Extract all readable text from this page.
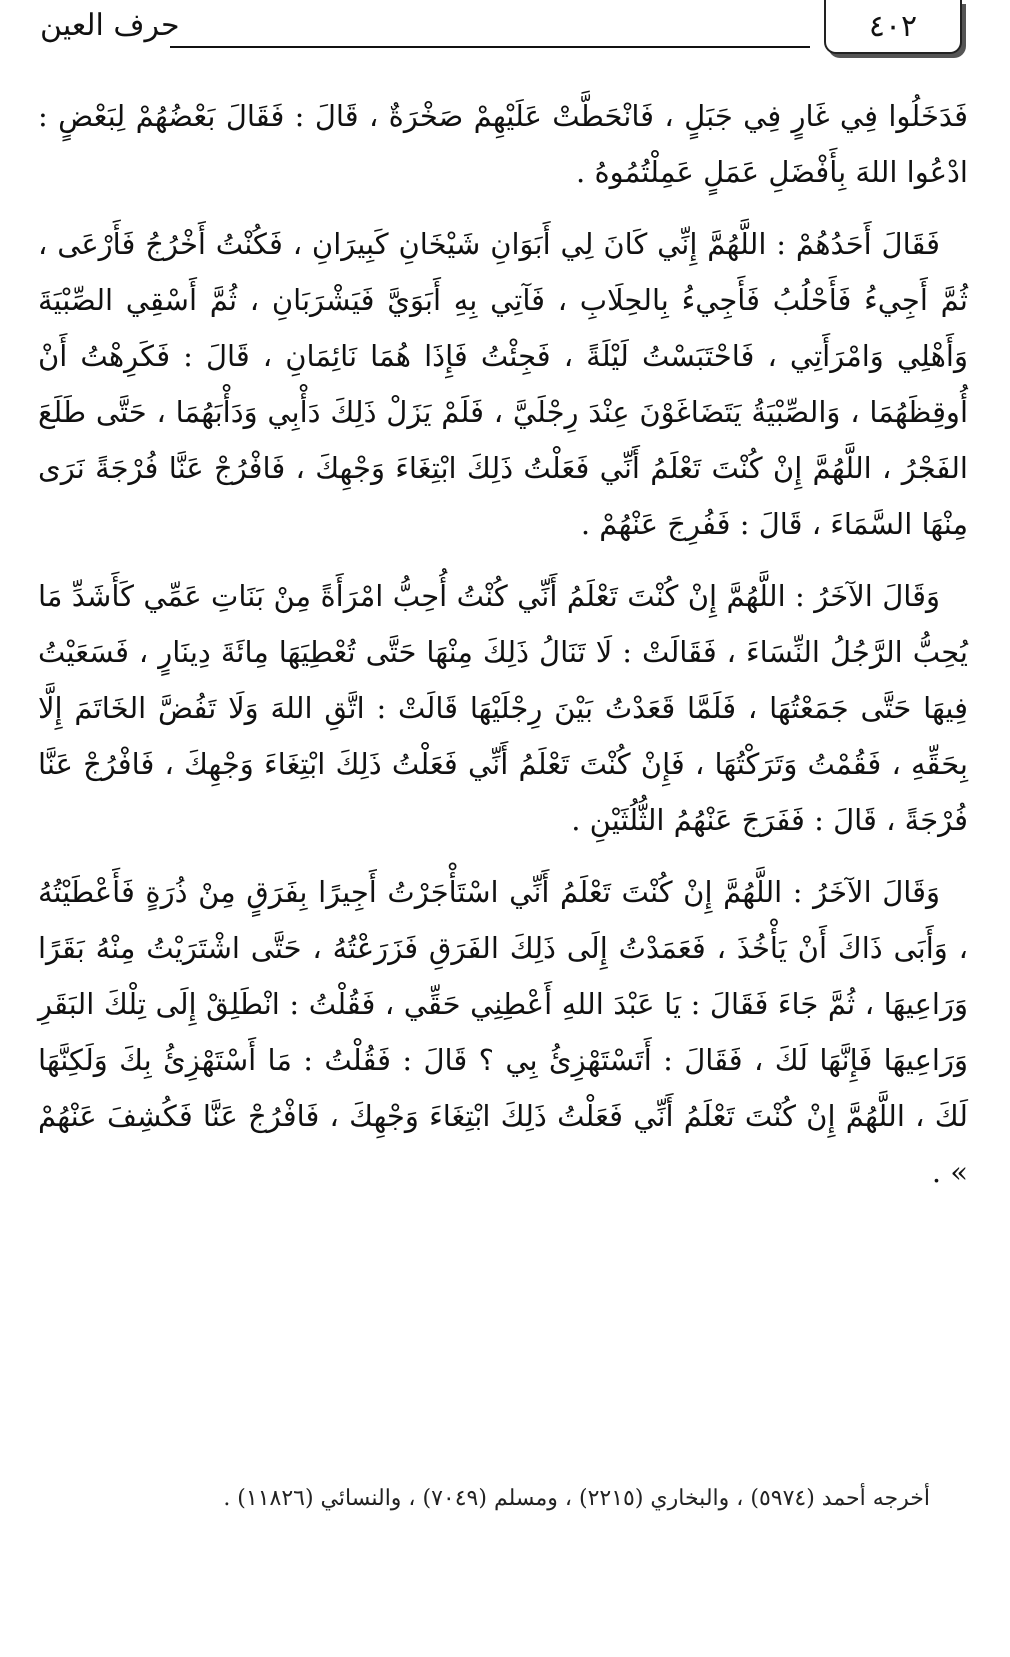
٤٠٢
حرف العين

فَدَخَلُوا فِي غَارٍ فِي جَبَلٍ ، فَانْحَطَّتْ عَلَيْهِمْ صَخْرَةٌ ، قَالَ : فَقَالَ بَعْضُهُمْ لِبَعْضٍ : ادْعُوا اللهَ بِأَفْضَلِ عَمَلٍ عَمِلْتُمُوهُ .

فَقَالَ أَحَدُهُمْ : اللَّهُمَّ إِنِّي كَانَ لِي أَبَوَانِ شَيْخَانِ كَبِيرَانِ ، فَكُنْتُ أَخْرُجُ فَأَرْعَى ، ثُمَّ أَجِيءُ فَأَحْلُبُ فَأَجِيءُ بِالحِلَابِ ، فَآتِي بِهِ أَبَوَيَّ فَيَشْرَبَانِ ، ثُمَّ أَسْقِي الصِّبْيَةَ وَأَهْلِي وَامْرَأَتِي ، فَاحْتَبَسْتُ لَيْلَةً ، فَجِئْتُ فَإِذَا هُمَا نَائِمَانِ ، قَالَ : فَكَرِهْتُ أَنْ أُوقِظَهُمَا ، وَالصِّبْيَةُ يَتَضَاغَوْنَ عِنْدَ رِجْلَيَّ ، فَلَمْ يَزَلْ ذَلِكَ دَأْبِي وَدَأْبَهُمَا ، حَتَّى طَلَعَ الفَجْرُ ، اللَّهُمَّ إِنْ كُنْتَ تَعْلَمُ أَنِّي فَعَلْتُ ذَلِكَ ابْتِغَاءَ وَجْهِكَ ، فَافْرُجْ عَنَّا فُرْجَةً نَرَى مِنْهَا السَّمَاءَ ، قَالَ : فَفُرِجَ عَنْهُمْ .

وَقَالَ الآخَرُ : اللَّهُمَّ إِنْ كُنْتَ تَعْلَمُ أَنِّي كُنْتُ أُحِبُّ امْرَأَةً مِنْ بَنَاتِ عَمِّي كَأَشَدِّ مَا يُحِبُّ الرَّجُلُ النِّسَاءَ ، فَقَالَتْ : لَا تَنَالُ ذَلِكَ مِنْهَا حَتَّى تُعْطِيَهَا مِائَةَ دِينَارٍ ، فَسَعَيْتُ فِيهَا حَتَّى جَمَعْتُهَا ، فَلَمَّا قَعَدْتُ بَيْنَ رِجْلَيْهَا قَالَتْ : اتَّقِ اللهَ وَلَا تَفُضَّ الخَاتَمَ إِلَّا بِحَقِّهِ ، فَقُمْتُ وَتَرَكْتُهَا ، فَإِنْ كُنْتَ تَعْلَمُ أَنِّي فَعَلْتُ ذَلِكَ ابْتِغَاءَ وَجْهِكَ ، فَافْرُجْ عَنَّا فُرْجَةً ، قَالَ : فَفَرَجَ عَنْهُمُ الثُّلُثَيْنِ .

وَقَالَ الآخَرُ : اللَّهُمَّ إِنْ كُنْتَ تَعْلَمُ أَنِّي اسْتَأْجَرْتُ أَجِيرًا بِفَرَقٍ مِنْ ذُرَةٍ فَأَعْطَيْتُهُ ، وَأَبَى ذَاكَ أَنْ يَأْخُذَ ، فَعَمَدْتُ إِلَى ذَلِكَ الفَرَقِ فَزَرَعْتُهُ ، حَتَّى اشْتَرَيْتُ مِنْهُ بَقَرًا وَرَاعِيهَا ، ثُمَّ جَاءَ فَقَالَ : يَا عَبْدَ اللهِ أَعْطِنِي حَقِّي ، فَقُلْتُ : انْطَلِقْ إِلَى تِلْكَ البَقَرِ وَرَاعِيهَا فَإِنَّهَا لَكَ ، فَقَالَ : أَتَسْتَهْزِئُ بِي ؟ قَالَ : فَقُلْتُ : مَا أَسْتَهْزِئُ بِكَ وَلَكِنَّهَا لَكَ ، اللَّهُمَّ إِنْ كُنْتَ تَعْلَمُ أَنِّي فَعَلْتُ ذَلِكَ ابْتِغَاءَ وَجْهِكَ ، فَافْرُجْ عَنَّا فَكُشِفَ عَنْهُمْ » .

أخرجه أحمد (٥٩٧٤) ، والبخاري (٢٢١٥) ، ومسلم (٧٠٤٩) ، والنسائي (١١٨٢٦) .
